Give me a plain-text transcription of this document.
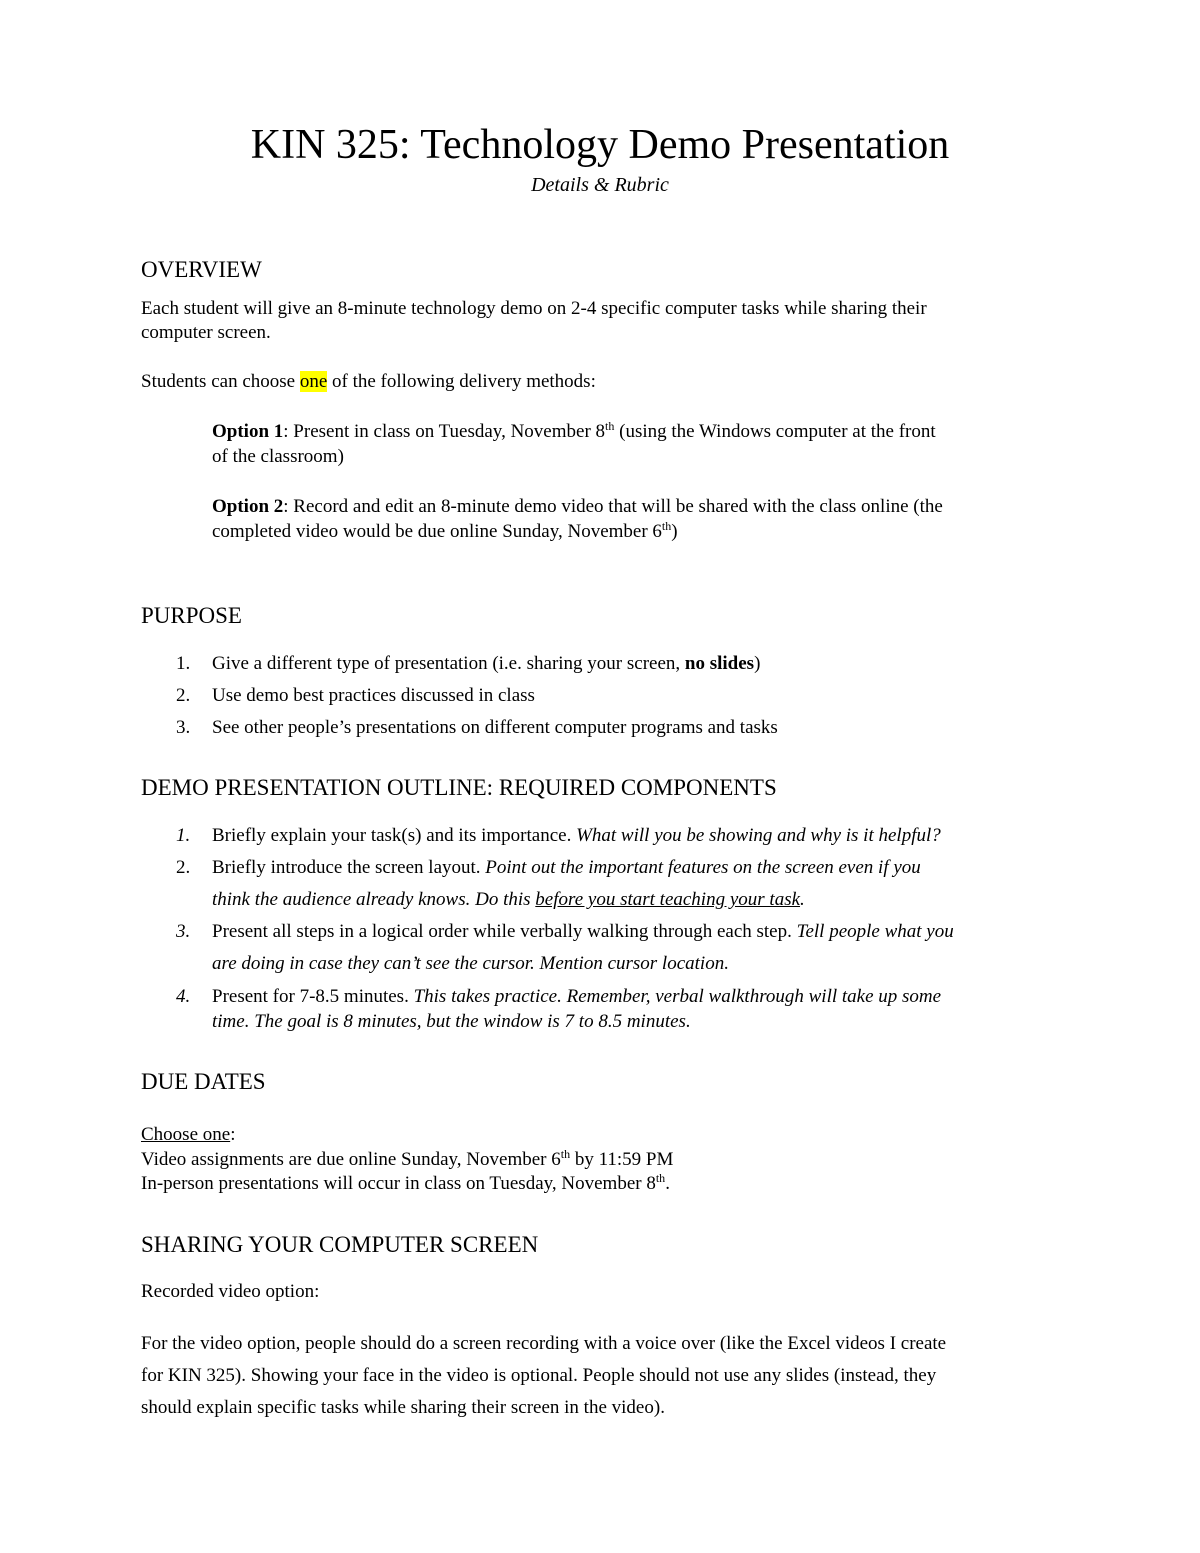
KIN 325: Technology Demo Presentation
Details & Rubric
OVERVIEW
Each student will give an 8-minute technology demo on 2-4 specific computer tasks while sharing their
computer screen.
Students can choose one of the following delivery methods:
Option 1: Present in class on Tuesday, November 8th (using the Windows computer at the front
of the classroom)
Option 2: Record and edit an 8-minute demo video that will be shared with the class online (the
completed video would be due online Sunday, November 6th)
PURPOSE
1. Give a different type of presentation (i.e. sharing your screen, no slides)
2. Use demo best practices discussed in class
3. See other people’s presentations on different computer programs and tasks
DEMO PRESENTATION OUTLINE: REQUIRED COMPONENTS
1. Briefly explain your task(s) and its importance. What will you be showing and why is it helpful?
2. Briefly introduce the screen layout. Point out the important features on the screen even if you
think the audience already knows. Do this before you start teaching your task.
3. Present all steps in a logical order while verbally walking through each step. Tell people what you
are doing in case they can’t see the cursor. Mention cursor location.
4. Present for 7-8.5 minutes. This takes practice. Remember, verbal walkthrough will take up some
time. The goal is 8 minutes, but the window is 7 to 8.5 minutes.
DUE DATES
Choose one:
Video assignments are due online Sunday, November 6th by 11:59 PM
In-person presentations will occur in class on Tuesday, November 8th.
SHARING YOUR COMPUTER SCREEN
Recorded video option:
For the video option, people should do a screen recording with a voice over (like the Excel videos I create
for KIN 325). Showing your face in the video is optional. People should not use any slides (instead, they
should explain specific tasks while sharing their screen in the video).
